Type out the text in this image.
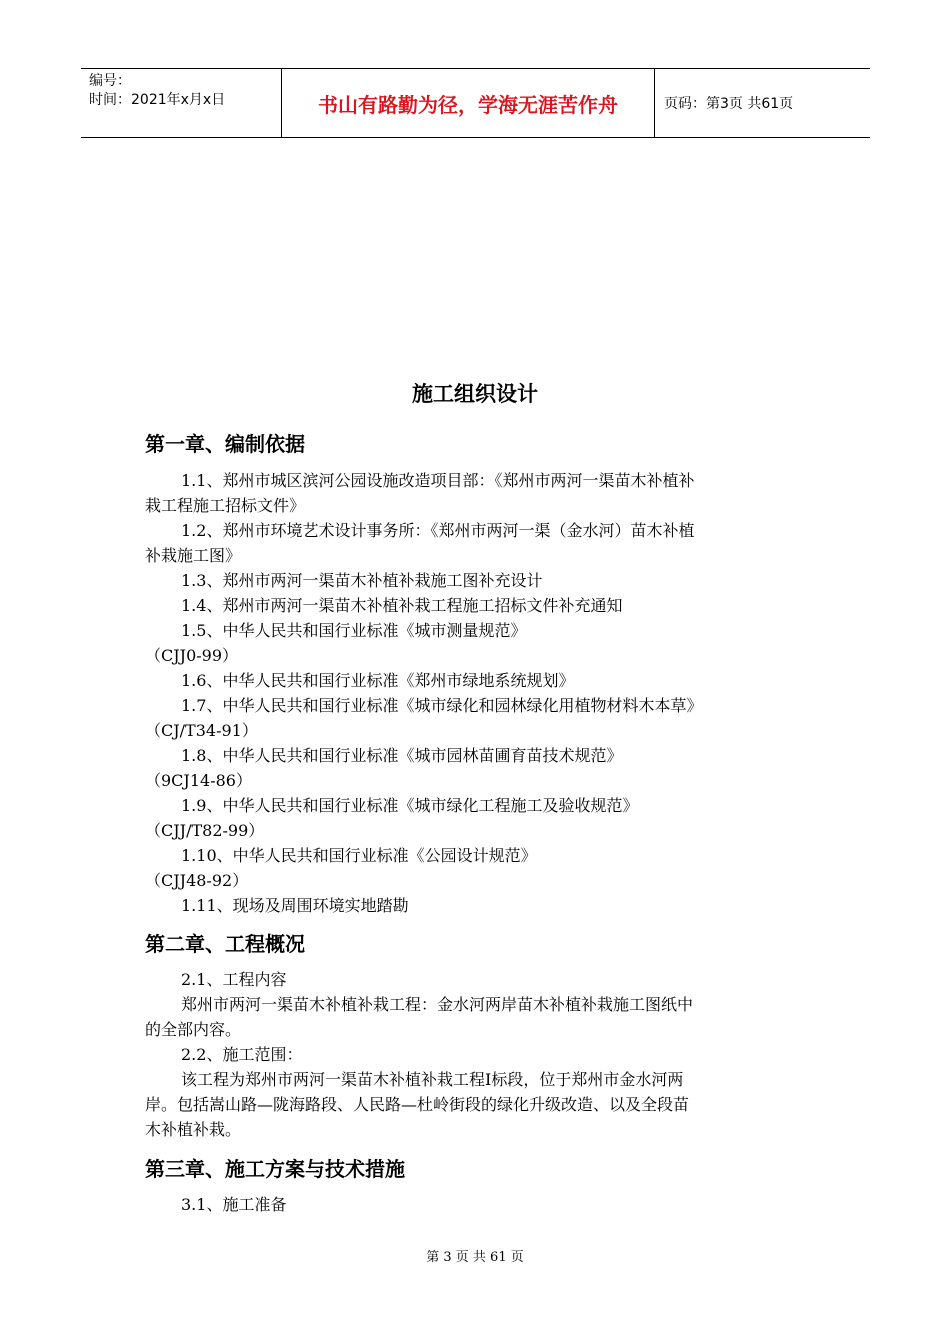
编号：
时间：2021年x月x日	书山有路勤为径，学海无涯苦作舟	页码：第3页 共61页
施工组织设计
第一章、编制依据
1.1、郑州市城区滨河公园设施改造项目部：《郑州市两河一渠苗木补植补
栽工程施工招标文件》
1.2、郑州市环境艺术设计事务所：《郑州市两河一渠（金水河）苗木补植
补栽施工图》
1.3、郑州市两河一渠苗木补植补栽施工图补充设计
1.4、郑州市两河一渠苗木补植补栽工程施工招标文件补充通知
1.5、中华人民共和国行业标准《城市测量规范》
（CJJ0-99）
1.6、中华人民共和国行业标准《郑州市绿地系统规划》
1.7、中华人民共和国行业标准《城市绿化和园林绿化用植物材料木本草》
（CJ/T34-91）
1.8、中华人民共和国行业标准《城市园林苗圃育苗技术规范》
（9CJ14-86）
1.9、中华人民共和国行业标准《城市绿化工程施工及验收规范》
（CJJ/T82-99）
1.10、中华人民共和国行业标准《公园设计规范》
（CJJ48-92）
1.11、现场及周围环境实地踏勘
第二章、工程概况
2.1、工程内容
郑州市两河一渠苗木补植补栽工程：金水河两岸苗木补植补栽施工图纸中
的全部内容。
2.2、施工范围：
该工程为郑州市两河一渠苗木补植补栽工程Ⅰ标段，位于郑州市金水河两
岸。包括嵩山路—陇海路段、人民路—杜岭街段的绿化升级改造、以及全段苗
木补植补栽。
第三章、施工方案与技术措施
3.1、施工准备
第 3 页 共 61 页
